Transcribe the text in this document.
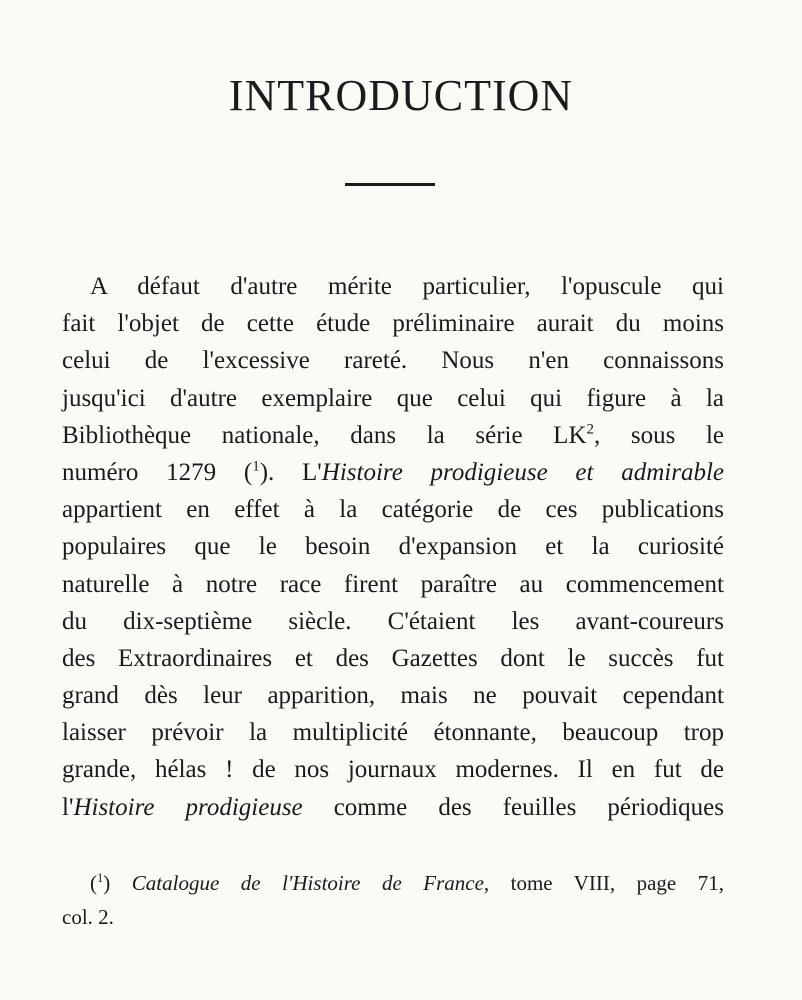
INTRODUCTION
A défaut d'autre mérite particulier, l'opuscule qui
fait l'objet de cette étude préliminaire aurait du moins
celui de l'excessive rareté. Nous n'en connaissons
jusqu'ici d'autre exemplaire que celui qui figure à la
Bibliothèque nationale, dans la série $LK^2$, sous le
numéro 1279 ($^1$). L'Histoire prodigieuse et admirable
appartient en effet à la catégorie de ces publications
populaires que le besoin d'expansion et la curiosité
naturelle à notre race firent paraître au commencement
du dix-septième siècle. C'étaient les avant-coureurs
des Extraordinaires et des Gazettes dont le succès fut
grand dès leur apparition, mais ne pouvait cependant
laisser prévoir la multiplicité étonnante, beaucoup trop
grande, hélas ! de nos journaux modernes. Il en fut de
l'Histoire prodigieuse comme des feuilles périodiques
($^1$) Catalogue de l'Histoire de France, tome VIII, page 71,
col. 2.
